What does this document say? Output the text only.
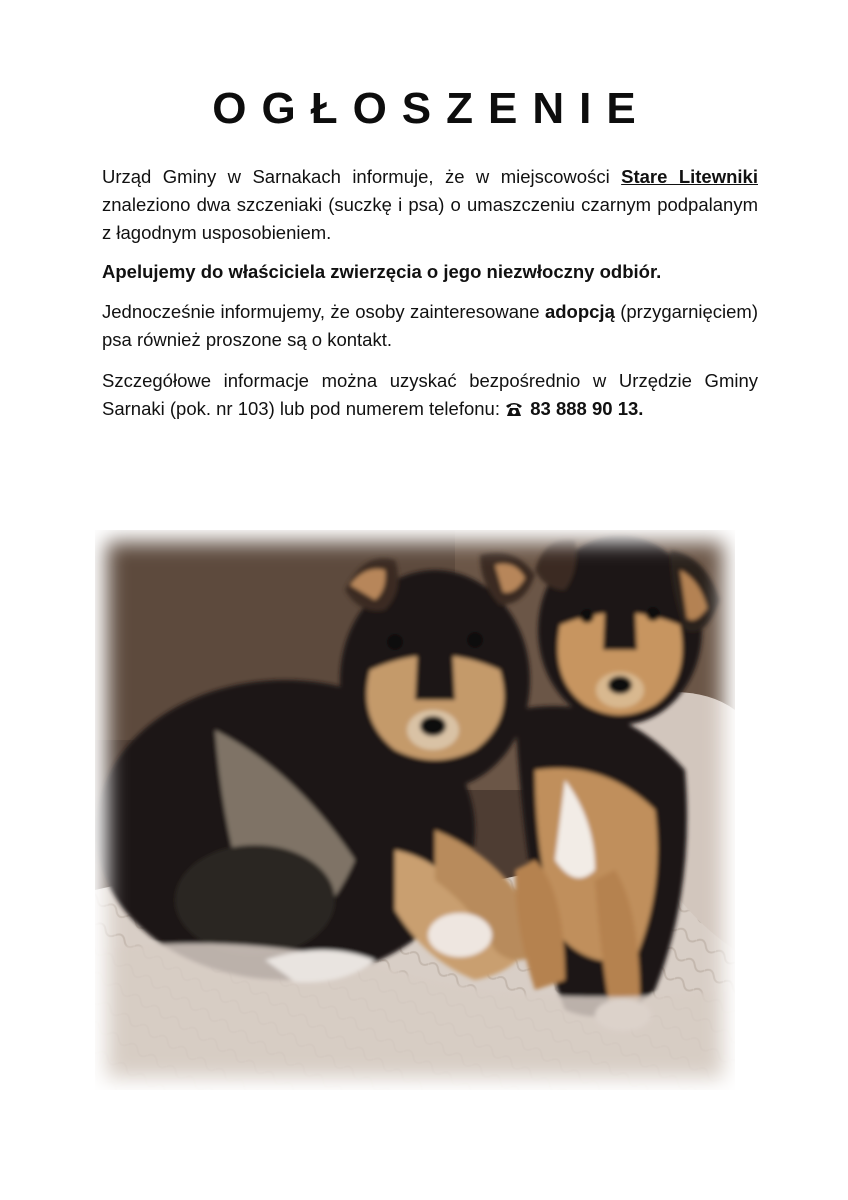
OGŁOSZENIE
Urząd Gminy w Sarnakach informuje, że w miejscowości Stare Litewniki znaleziono dwa szczeniaki (suczkę i psa) o umaszczeniu czarnym podpalanym z łagodnym usposobieniem.
Apelujemy do właściciela zwierzęcia o jego niezwłoczny odbiór.
Jednocześnie informujemy, że osoby zainteresowane adopcją (przygarnięciem) psa również proszone są o kontakt.
Szczegółowe informacje można uzyskać bezpośrednio w Urzędzie Gminy Sarnaki (pok. nr 103) lub pod numerem telefonu:  83 888 90 13.
